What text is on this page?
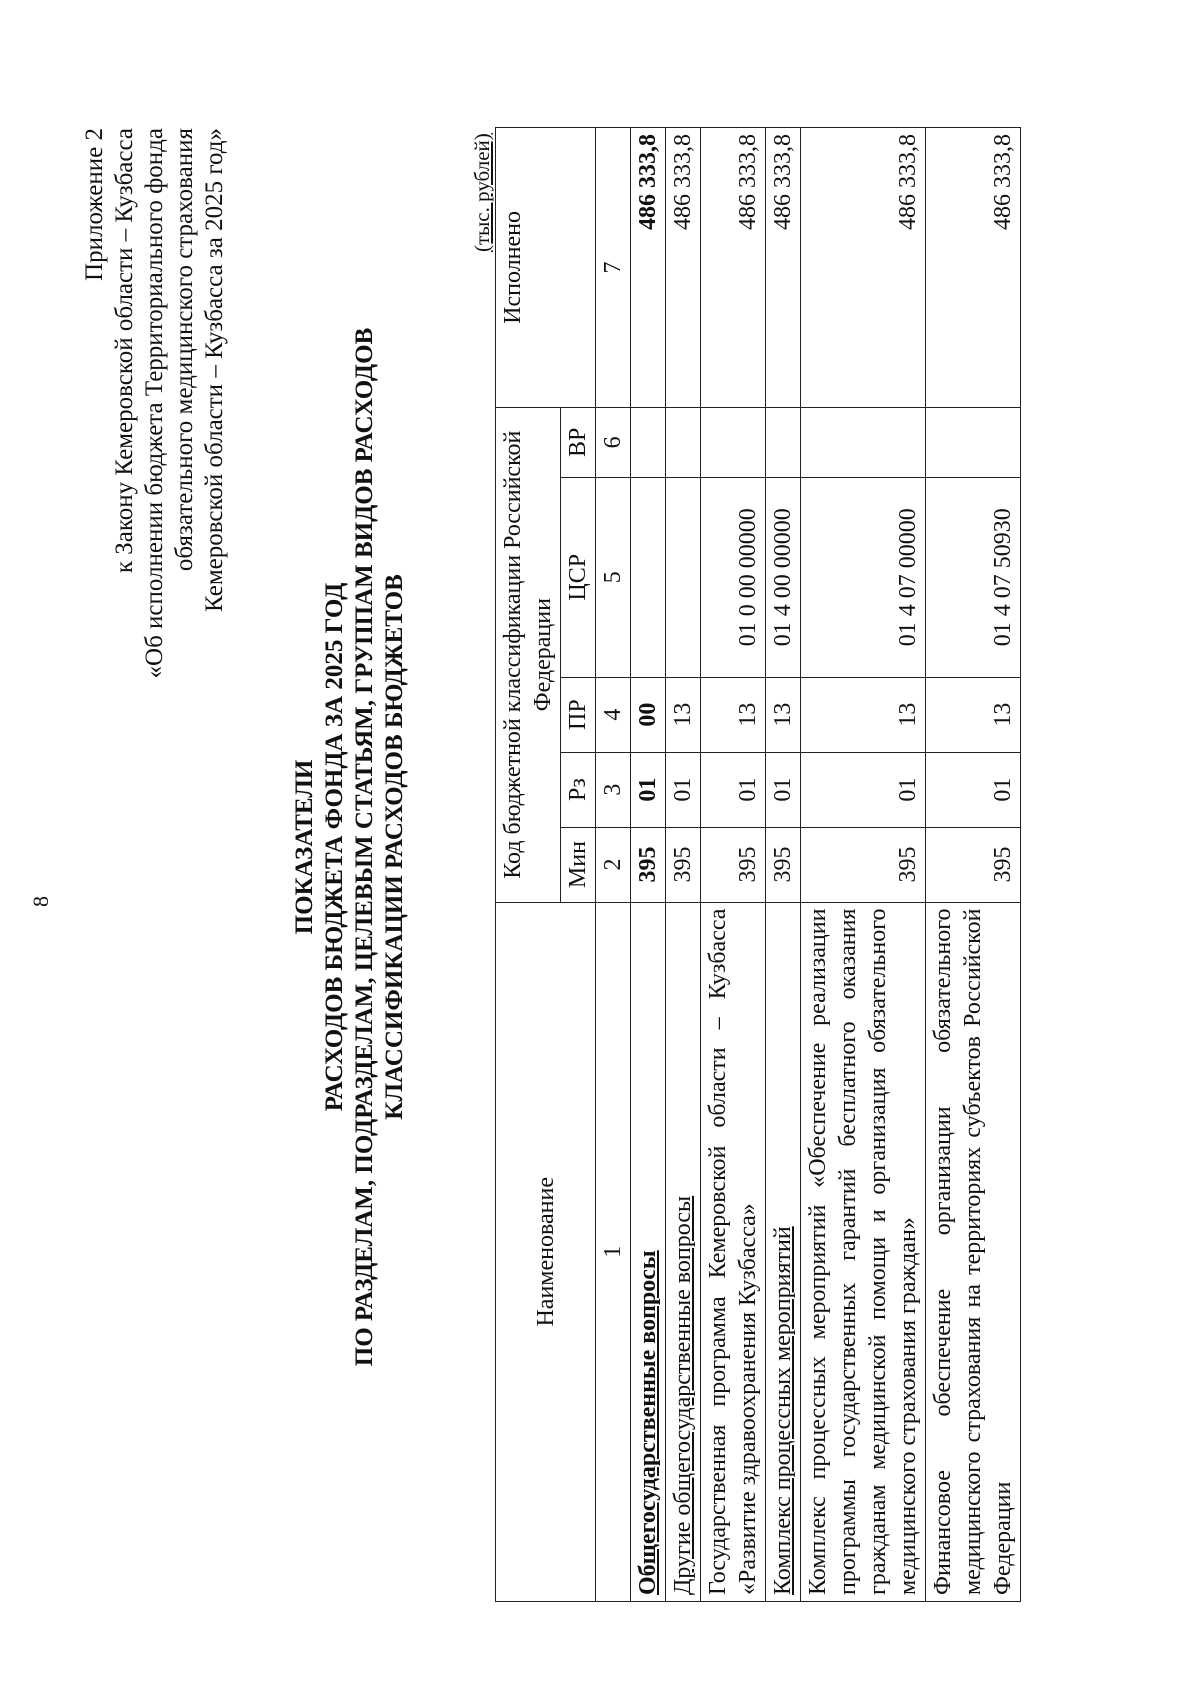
8
Приложение 2 к Закону Кемеровской области – Кузбасса «Об исполнении бюджета Территориального фонда обязательного медицинского страхования Кемеровской области – Кузбасса за 2025 год»
ПОКАЗАТЕЛИ РАСХОДОВ БЮДЖЕТА ФОНДА ЗА 2025 ГОД ПО РАЗДЕЛАМ, ПОДРАЗДЕЛАМ, ЦЕЛЕВЫМ СТАТЬЯМ, ГРУППАМ ВИДОВ РАСХОДОВ КЛАССИФИКАЦИИ РАСХОДОВ БЮДЖЕТОВ
(тыс. рублей)
Наименование	Код бюджетной классификации Российской Федерации					Исполнено
	Мин	Рз	ПР	ЦСР	ВР	
1	2	3	4	5	6	7
Общегосударственные вопросы	395	01	00			486 333,8
Другие общегосударственные вопросы	395	01	13			486 333,8
Государственная программа Кемеровской области – Кузбасса «Развитие здравоохранения Кузбасса»	395	01	13	01 0 00 00000		486 333,8
Комплекс процессных мероприятий	395	01	13	01 4 00 00000		486 333,8
Комплекс процессных мероприятий «Обеспечение реализации программы государственных гарантий бесплатного оказания гражданам медицинской помощи и организация обязательного медицинского страхования граждан»	395	01	13	01 4 07 00000		486 333,8
Финансовое обеспечение организации обязательного медицинского страхования на территориях субъектов Российской Федерации	395	01	13	01 4 07 50930		486 333,8
